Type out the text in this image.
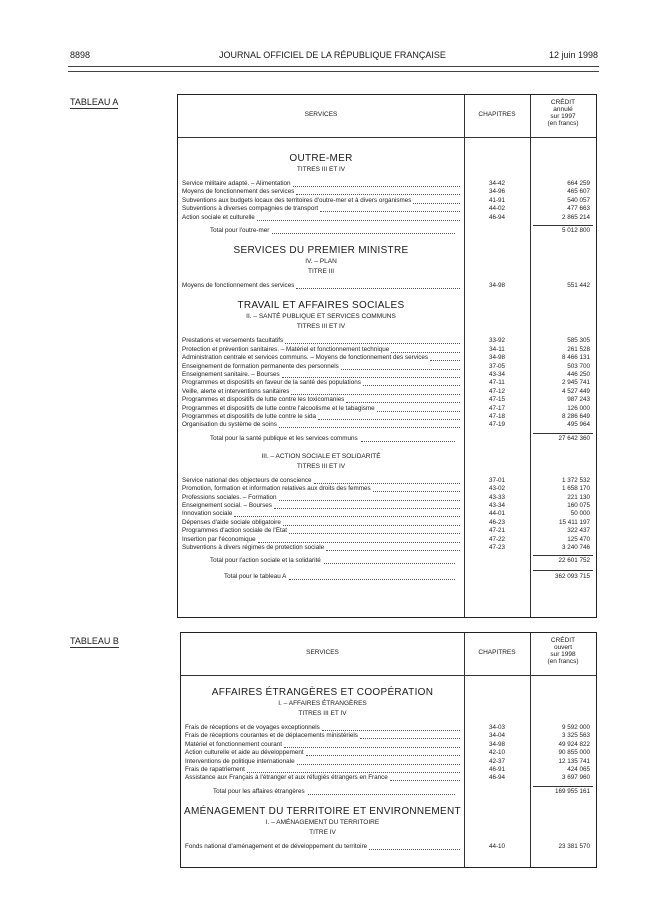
8898	JOURNAL OFFICIEL DE LA RÉPUBLIQUE FRANÇAISE	12 juin 1998
TABLEAU A
SERVICES	CHAPITRES
CRÉDIT
annulé
sur 1997
(en francs)
OUTRE-MER
TITRES III ET IV
Service militaire adapté. – Alimentation	34-42	664 259
Moyens de fonctionnement des services	34-96	465 607
Subventions aux budgets locaux des territoires d'outre-mer et à divers organismes	41-91	540 057
Subventions à diverses compagnies de transport	44-02	477 663
Action sociale et culturelle	46-94	2 865 214
Total pour l'outre-mer	5 012 800
SERVICES DU PREMIER MINISTRE
IV. – PLAN
TITRE III
Moyens de fonctionnement des services	34-98	551 442
TRAVAIL ET AFFAIRES SOCIALES
II. – SANTÉ PUBLIQUE ET SERVICES COMMUNS
TITRES III ET IV
Prestations et versements facultatifs	33-92	585 305
Protection et prévention sanitaires. – Matériel et fonctionnement technique	34-11	261 528
Administration centrale et services communs. – Moyens de fonctionnement des services	34-98	8 466 131
Enseignement de formation permanente des personnels	37-05	503 700
Enseignement sanitaire. – Bourses	43-34	446 250
Programmes et dispositifs en faveur de la santé des populations	47-11	2 945 741
Veille, alerte et interventions sanitaires	47-12	4 527 449
Programmes et dispositifs de lutte contre les toxicomanies	47-15	987 243
Programmes et dispositifs de lutte contre l'alcoolisme et le tabagisme	47-17	126 000
Programmes et dispositifs de lutte contre le sida	47-18	8 286 649
Organisation du système de soins	47-19	495 964
Total pour la santé publique et les services communs	27 642 360
III. – ACTION SOCIALE ET SOLIDARITÉ
TITRES III ET IV
Service national des objecteurs de conscience	37-01	1 372 532
Promotion, formation et information relatives aux droits des femmes	43-02	1 658 170
Professions sociales. – Formation	43-33	221 130
Enseignement social. – Bourses	43-34	160 075
Innovation sociale	44-01	50 000
Dépenses d'aide sociale obligatoire	46-23	15 411 197
Programmes d'action sociale de l'État	47-21	322 437
Insertion par l'économique	47-22	125 470
Subventions à divers régimes de protection sociale	47-23	3 240 746
Total pour l'action sociale et la solidarité	22 601 752
Total pour le tableau A	362 093 715
TABLEAU B
SERVICES	CHAPITRES
CRÉDIT
ouvert
sur 1998
(en francs)
AFFAIRES ÉTRANGÈRES ET COOPÉRATION
I. – AFFAIRES ÉTRANGÈRES
TITRES III ET IV
Frais de réceptions et de voyages exceptionnels	34-03	9 592 000
Frais de réceptions courantes et de déplacements ministériels	34-04	3 325 563
Matériel et fonctionnement courant	34-98	49 924 822
Action culturelle et aide au développement	42-10	90 855 000
Interventions de politique internationale	42-37	12 135 741
Frais de rapatriement	46-91	424 065
Assistance aux Français à l'étranger et aux réfugiés étrangers en France	46-94	3 697 960
Total pour les affaires étrangères	169 955 161
AMÉNAGEMENT DU TERRITOIRE ET ENVIRONNEMENT
I. – AMÉNAGEMENT DU TERRITOIRE
TITRE IV
Fonds national d'aménagement et de développement du territoire	44-10	23 381 570
